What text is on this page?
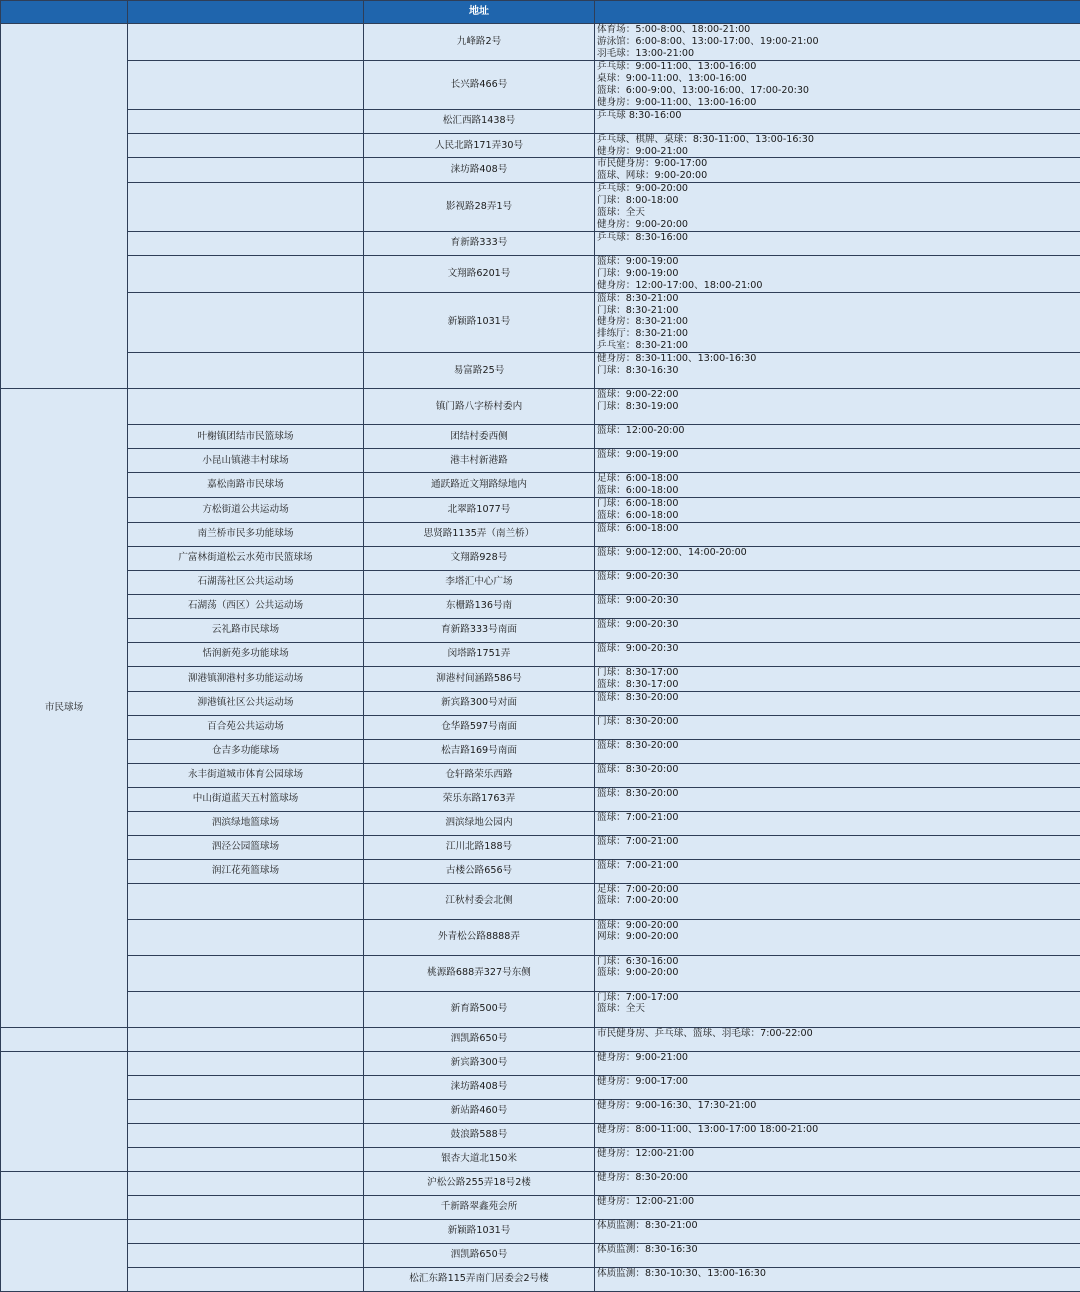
		地址	
		九峰路2号	体育场：5:00-8:00、18:00-21:00
游泳馆：6:00-8:00、13:00-17:00、19:00-21:00
羽毛球：13:00-21:00

		长兴路466号	乒乓球：9:00-11:00、13:00-16:00
桌球：9:00-11:00、13:00-16:00
篮球：6:00-9:00、13:00-16:00、17:00-20:30
健身房：9:00-11:00、13:00-16:00

		松汇西路1438号	乒乓球 8:30-16:00

		人民北路171弄30号	乒乓球、棋牌、桌球：8:30-11:00、13:00-16:30
健身房：9:00-21:00

		涞坊路408号	市民健身房：9:00-17:00
篮球、网球：9:00-20:00

		影视路28弄1号	乒乓球：9:00-20:00
门球：8:00-18:00
篮球：全天
健身房：9:00-20:00

		育新路333号	乒乓球：8:30-16:00

		文翔路6201号	篮球：9:00-19:00
门球：9:00-19:00
健身房：12:00-17:00、18:00-21:00

		新颖路1031号	篮球：8:30-21:00
门球：8:30-21:00
健身房：8:30-21:00
排练厅：8:30-21:00
乒乓室：8:30-21:00

		易富路25号	健身房：8:30-11:00、13:00-16:30
门球：8:30-16:30

市民球场		镇门路八字桥村委内	篮球：9:00-22:00
门球：8:30-19:00

	叶榭镇团结市民篮球场	团结村委西侧	篮球：12:00-20:00

	小昆山镇港丰村球场	港丰村新港路	篮球：9:00-19:00

	嘉松南路市民球场	通跃路近文翔路绿地内	足球：6:00-18:00
篮球：6:00-18:00

	方松街道公共运动场	北翠路1077号	门球：6:00-18:00
篮球：6:00-18:00

	南兰桥市民多功能球场	思贤路1135弄（南兰桥）	篮球：6:00-18:00

	广富林街道松云水苑市民篮球场	文翔路928号	篮球：9:00-12:00、14:00-20:00

	石湖荡社区公共运动场	李塔汇中心广场	篮球：9:00-20:30

	石湖荡（西区）公共运动场	东栅路136号南	篮球：9:00-20:30

	云礼路市民球场	育新路333号南面	篮球：9:00-20:30

	恬润新苑多功能球场	闵塔路1751弄	篮球：9:00-20:30

	泖港镇泖港村多功能运动场	泖港村间涵路586号	门球：8:30-17:00
篮球：8:30-17:00

	泖港镇社区公共运动场	新宾路300号对面	篮球：8:30-20:00

	百合苑公共运动场	仓华路597号南面	门球：8:30-20:00

	仓吉多功能球场	松吉路169号南面	篮球：8:30-20:00

	永丰街道城市体育公园球场	仓轩路荣乐西路	篮球：8:30-20:00

	中山街道蓝天五村篮球场	荣乐东路1763弄	篮球：8:30-20:00

	泗滨绿地篮球场	泗滨绿地公园内	篮球：7:00-21:00

	泗泾公园篮球场	江川北路188号	篮球：7:00-21:00

	润江花苑篮球场	古楼公路656号	篮球：7:00-21:00

		江秋村委会北侧	足球：7:00-20:00
篮球：7:00-20:00

		外青松公路8888弄	篮球：9:00-20:00
网球：9:00-20:00

		桃源路688弄327号东侧	门球：6:30-16:00
篮球：9:00-20:00

		新育路500号	门球：7:00-17:00
篮球：全天

		泗凯路650号	市民健身房、乒乓球、篮球、羽毛球：7:00-22:00

		新宾路300号	健身房：9:00-21:00

		涞坊路408号	健身房：9:00-17:00

		新站路460号	健身房：9:00-16:30、17:30-21:00

		鼓浪路588号	健身房：8:00-11:00、13:00-17:00 18:00-21:00

		银杏大道北150米	健身房：12:00-21:00

		沪松公路255弄18号2楼	健身房：8:30-20:00

		千新路翠鑫苑会所	健身房：12:00-21:00

		新颖路1031号	体质监测：8:30-21:00

		泗凯路650号	体质监测：8:30-16:30

		松汇东路115弄南门居委会2号楼	体质监测：8:30-10:30、13:00-16:30
